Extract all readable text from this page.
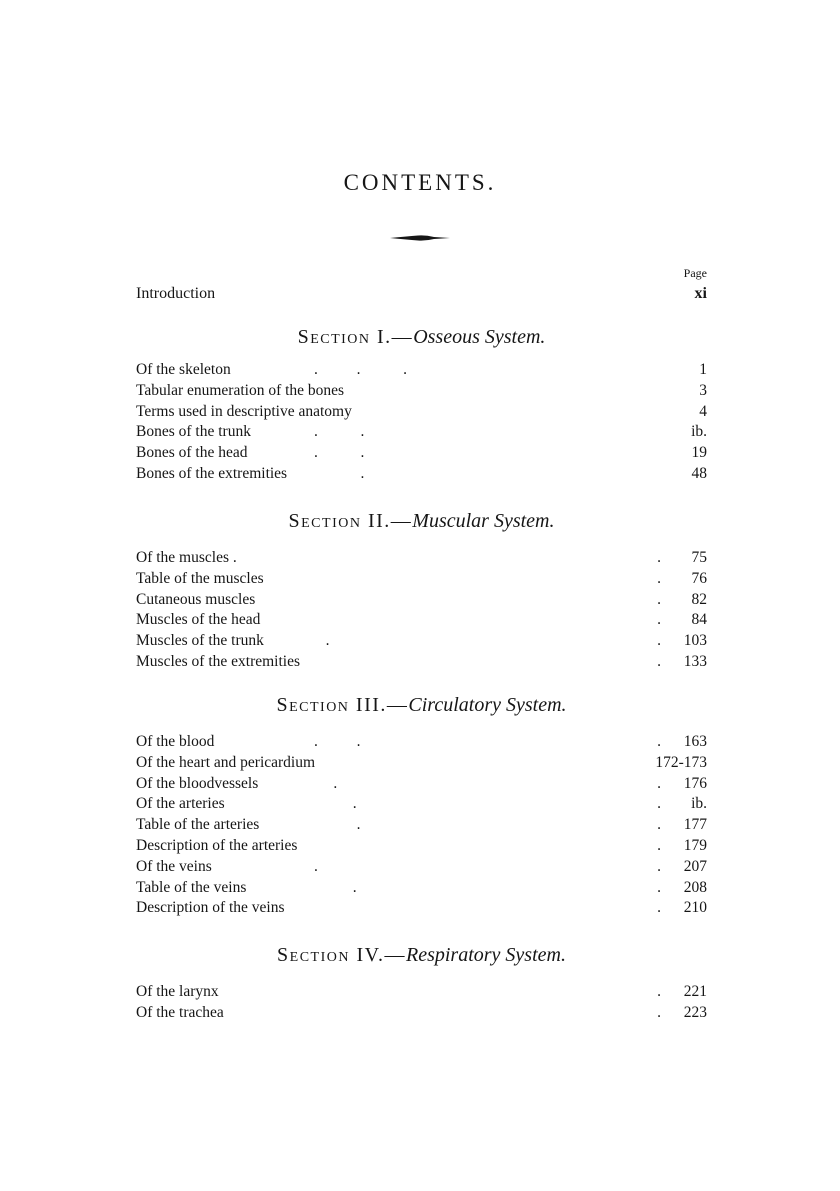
CONTENTS.
Page
Introduction	xi
Section I.—Osseous System.
Of the skeleton	.          .           .	1
Tabular enumeration of the bones	3
Terms used in descriptive anatomy	4
Bones of the trunk	.           .	ib.
Bones of the head	.           .	19
Bones of the extremities .	48
Section II.—Muscular System.
Of the muscles .	. 75
Table of the muscles	. 76
Cutaneous muscles	. 82
Muscles of the head	. 84
Muscles of the trunk	.	. 103
Muscles of the extremities	. 133
Section III.—Circulatory System.
Of the blood	.          .	. 163
Of the heart and pericardium	172-173
Of the bloodvessels	.	. 176
Of the arteries	.	. ib.
Table of the arteries	.	. 177
Description of the arteries	. 179
Of the veins	.	. 207
Table of the veins	.	. 208
Description of the veins	. 210
Section IV.—Respiratory System.
Of the larynx	. 221
Of the trachea	. 223
